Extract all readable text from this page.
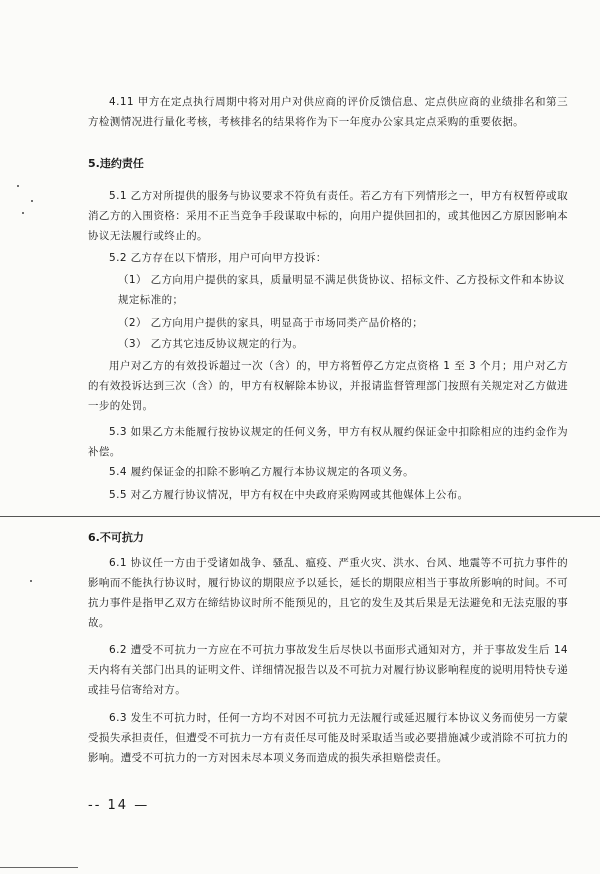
4.11 甲方在定点执行周期中将对用户对供应商的评价反馈信息、定点供应商的业绩排名和第三方检测情况进行量化考核，考核排名的结果将作为下一年度办公家具定点采购的重要依据。
5.违约责任
5.1 乙方对所提供的服务与协议要求不符负有责任。若乙方有下列情形之一，甲方有权暂停或取消乙方的入围资格：采用不正当竞争手段谋取中标的，向用户提供回扣的，或其他因乙方原因影响本协议无法履行或终止的。
5.2 乙方存在以下情形，用户可向甲方投诉：
（1） 乙方向用户提供的家具，质量明显不满足供货协议、招标文件、乙方投标文件和本协议规定标准的；
（2） 乙方向用户提供的家具，明显高于市场同类产品价格的；
（3） 乙方其它违反协议规定的行为。
用户对乙方的有效投诉超过一次（含）的，甲方将暂停乙方定点资格 1 至 3 个月；用户对乙方的有效投诉达到三次（含）的，甲方有权解除本协议，并报请监督管理部门按照有关规定对乙方做进一步的处罚。
5.3 如果乙方未能履行按协议规定的任何义务，甲方有权从履约保证金中扣除相应的违约金作为补偿。
5.4 履约保证金的扣除不影响乙方履行本协议规定的各项义务。
5.5 对乙方履行协议情况，甲方有权在中央政府采购网或其他媒体上公布。
6.不可抗力
6.1 协议任一方由于受诸如战争、骚乱、瘟疫、严重火灾、洪水、台风、地震等不可抗力事件的影响而不能执行协议时，履行协议的期限应予以延长，延长的期限应相当于事故所影响的时间。不可抗力事件是指甲乙双方在缔结协议时所不能预见的，且它的发生及其后果是无法避免和无法克服的事故。
6.2 遭受不可抗力一方应在不可抗力事故发生后尽快以书面形式通知对方，并于事故发生后 14 天内将有关部门出具的证明文件、详细情况报告以及不可抗力对履行协议影响程度的说明用特快专递或挂号信寄给对方。
6.3 发生不可抗力时，任何一方均不对因不可抗力无法履行或延迟履行本协议义务而使另一方蒙受损失承担责任，但遭受不可抗力一方有责任尽可能及时采取适当或必要措施减少或消除不可抗力的影响。遭受不可抗力的一方对因未尽本项义务而造成的损失承担赔偿责任。
-- 14 —
